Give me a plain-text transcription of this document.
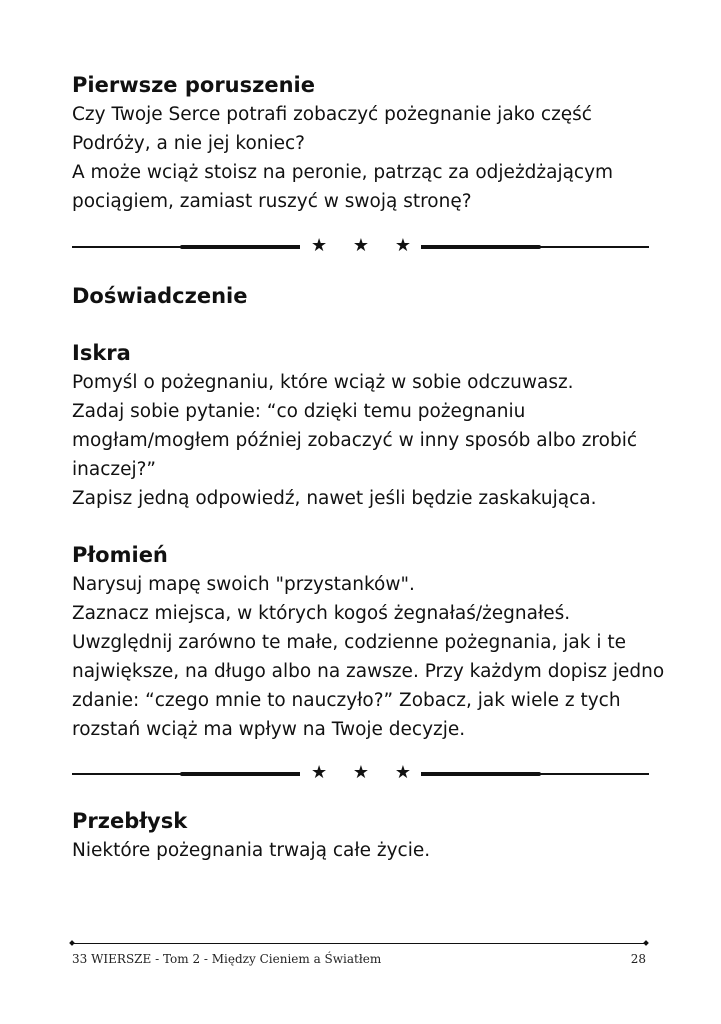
Pierwsze poruszenie

Czy Twoje Serce potrafi zobaczyć pożegnanie jako część

Podróży, a nie jej koniec?

A może wciąż stoisz na peronie, patrząc za odjeżdżającym

pociągiem, zamiast ruszyć w swoją stronę?

★ ★ ★
Doświadczenie
Iskra

Pomyśl o pożegnaniu, które wciąż w sobie odczuwasz.

Zadaj sobie pytanie: “co dzięki temu pożegnaniu

mogłam/mogłem później zobaczyć w inny sposób albo zrobić

inaczej?”

Zapisz jedną odpowiedź, nawet jeśli będzie zaskakująca.

Płomień

Narysuj mapę swoich "przystanków".

Zaznacz miejsca, w których kogoś żegnałaś/żegnałeś.

Uwzględnij zarówno te małe, codzienne pożegnania, jak i te

największe, na długo albo na zawsze. Przy każdym dopisz jedno

zdanie: “czego mnie to nauczyło?” Zobacz, jak wiele z tych

rozstań wciąż ma wpływ na Twoje decyzje.

★ ★ ★
Przebłysk

Niektóre pożegnania trwają całe życie.

33 WIERSZE - Tom 2 - Między Cieniem a Światłem	28
